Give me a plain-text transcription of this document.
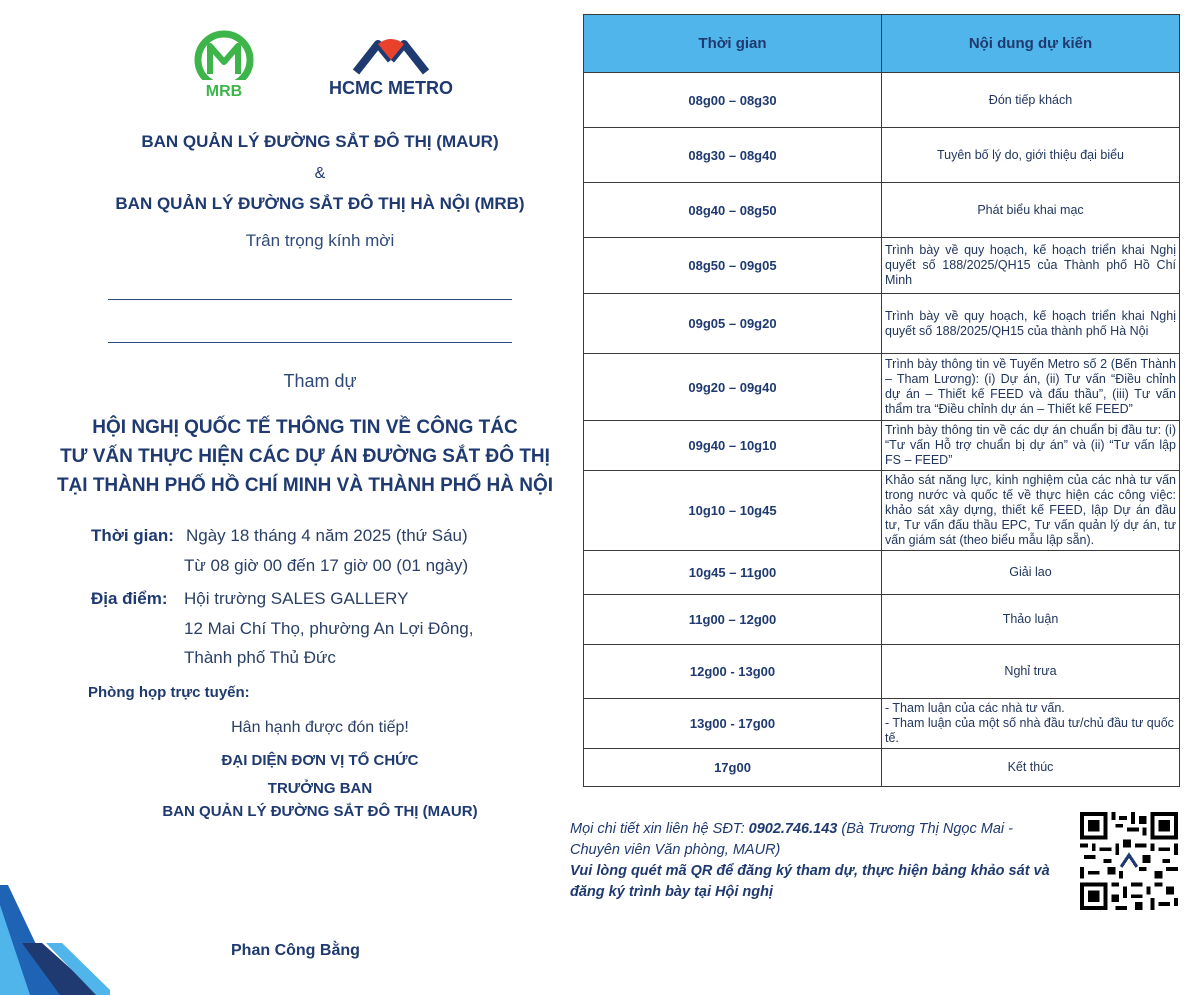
MRB	HCMC METRO
BAN QUẢN LÝ ĐƯỜNG SẮT ĐÔ THỊ (MAUR)
&
BAN QUẢN LÝ ĐƯỜNG SẮT ĐÔ THỊ HÀ NỘI (MRB)
Trân trọng kính mời
Tham dự
HỘI NGHỊ QUỐC TẾ THÔNG TIN VỀ CÔNG TÁC
TƯ VẤN THỰC HIỆN CÁC DỰ ÁN ĐƯỜNG SẮT ĐÔ THỊ
TẠI THÀNH PHỐ HỒ CHÍ MINH VÀ THÀNH PHỐ HÀ NỘI
Thời gian: Ngày 18 tháng 4 năm 2025 (thứ Sáu)
Từ 08 giờ 00 đến 17 giờ 00 (01 ngày)
Địa điểm: Hội trường SALES GALLERY
12 Mai Chí Thọ, phường An Lợi Đông,
Thành phố Thủ Đức
Phòng họp trực tuyến:
Hân hạnh được đón tiếp!
ĐẠI DIỆN ĐƠN VỊ TỔ CHỨC
TRƯỞNG BAN
BAN QUẢN LÝ ĐƯỜNG SẮT ĐÔ THỊ (MAUR)
Phan Công Bằng
Thời gian	Nội dung dự kiến
08g00 – 08g30	Đón tiếp khách
08g30 – 08g40	Tuyên bố lý do, giới thiệu đại biểu
08g40 – 08g50	Phát biểu khai mạc
08g50 – 09g05	Trình bày về quy hoạch, kế hoạch triển khai Nghị quyết số 188/2025/QH15 của Thành phố Hồ Chí Minh
09g05 – 09g20	Trình bày về quy hoạch, kế hoạch triển khai Nghị quyết số 188/2025/QH15 của thành phố Hà Nội
09g20 – 09g40	Trình bày thông tin về Tuyến Metro số 2 (Bến Thành – Tham Lương): (i) Dự án, (ii) Tư vấn “Điều chỉnh dự án – Thiết kế FEED và đấu thầu”, (iii) Tư vấn thẩm tra “Điều chỉnh dự án – Thiết kế FEED”
09g40 – 10g10	Trình bày thông tin về các dự án chuẩn bị đầu tư: (i) “Tư vấn Hỗ trợ chuẩn bị dự án” và (ii) “Tư vấn lập FS – FEED”
10g10 – 10g45	Khảo sát năng lực, kinh nghiệm của các nhà tư vấn trong nước và quốc tế về thực hiện các công việc: khảo sát xây dựng, thiết kế FEED, lập Dự án đầu tư, Tư vấn đấu thầu EPC, Tư vấn quản lý dự án, tư vấn giám sát (theo biểu mẫu lập sẵn).
10g45 – 11g00	Giải lao
11g00 – 12g00	Thảo luận
12g00 - 13g00	Nghỉ trưa
13g00 - 17g00	- Tham luận của các nhà tư vấn.
- Tham luận của một số nhà đầu tư/chủ đầu tư quốc tế.

17g00	Kết thúc
Mọi chi tiết xin liên hệ SĐT: 0902.746.143 (Bà Trương Thị Ngọc Mai - Chuyên viên Văn phòng, MAUR)
Vui lòng quét mã QR để đăng ký tham dự, thực hiện bảng khảo sát và đăng ký trình bày tại Hội nghị
